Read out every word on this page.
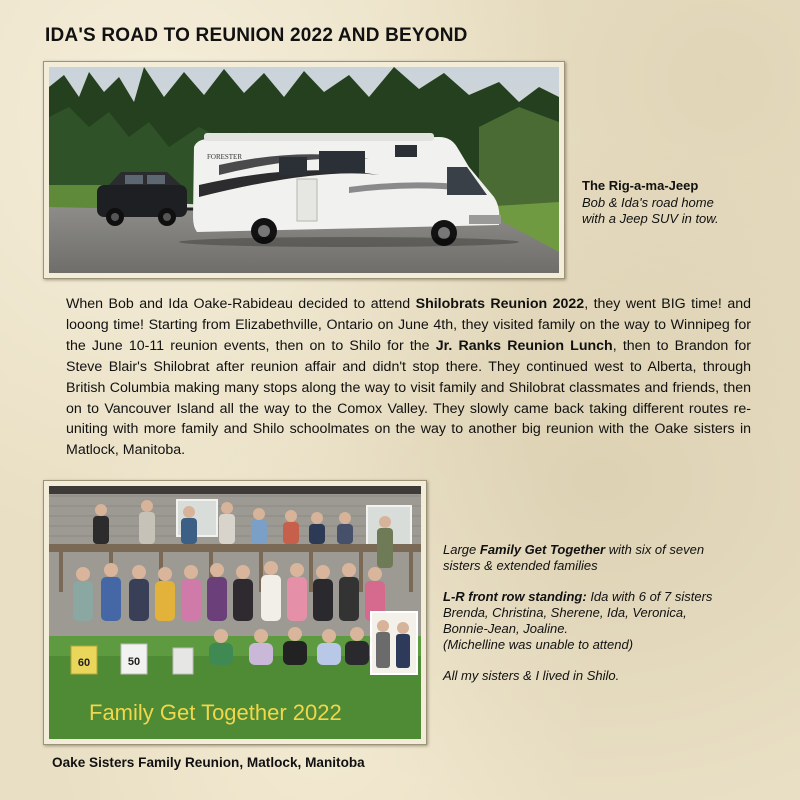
IDA'S ROAD TO REUNION 2022 AND BEYOND
FORESTER
The Rig-a-ma-Jeep
Bob & Ida's road home with a Jeep SUV in tow.

When Bob and Ida Oake-Rabideau decided to attend Shilobrats Reunion 2022, they went BIG time! and looong time! Starting from Elizabethville, Ontario on June 4th, they visited family on the way to Winnipeg for the June 10-11 reunion events, then on to Shilo for the Jr. Ranks Reunion Lunch, then to Brandon for Steve Blair's Shilobrat after reunion affair and didn't stop there. They continued west to Alberta, through British Columbia making many stops along the way to visit family and Shilobrat classmates and friends, then on to Vancouver Island all the way to the Comox Valley. They slowly came back taking different routes re-uniting with more family and Shilo schoolmates on the way to another big reunion with the Oake sisters in Matlock, Manitoba.

60	50
Family Get Together 2022

Large Family Get Together with six of seven
sisters & extended families

L-R front row standing: Ida with 6 of 7 sisters
Brenda, Christina, Sherene, Ida, Veronica,
Bonnie-Jean, Joaline.
(Michelline was unable to attend)

All my sisters & I lived in Shilo.

Oake Sisters Family Reunion, Matlock, Manitoba
